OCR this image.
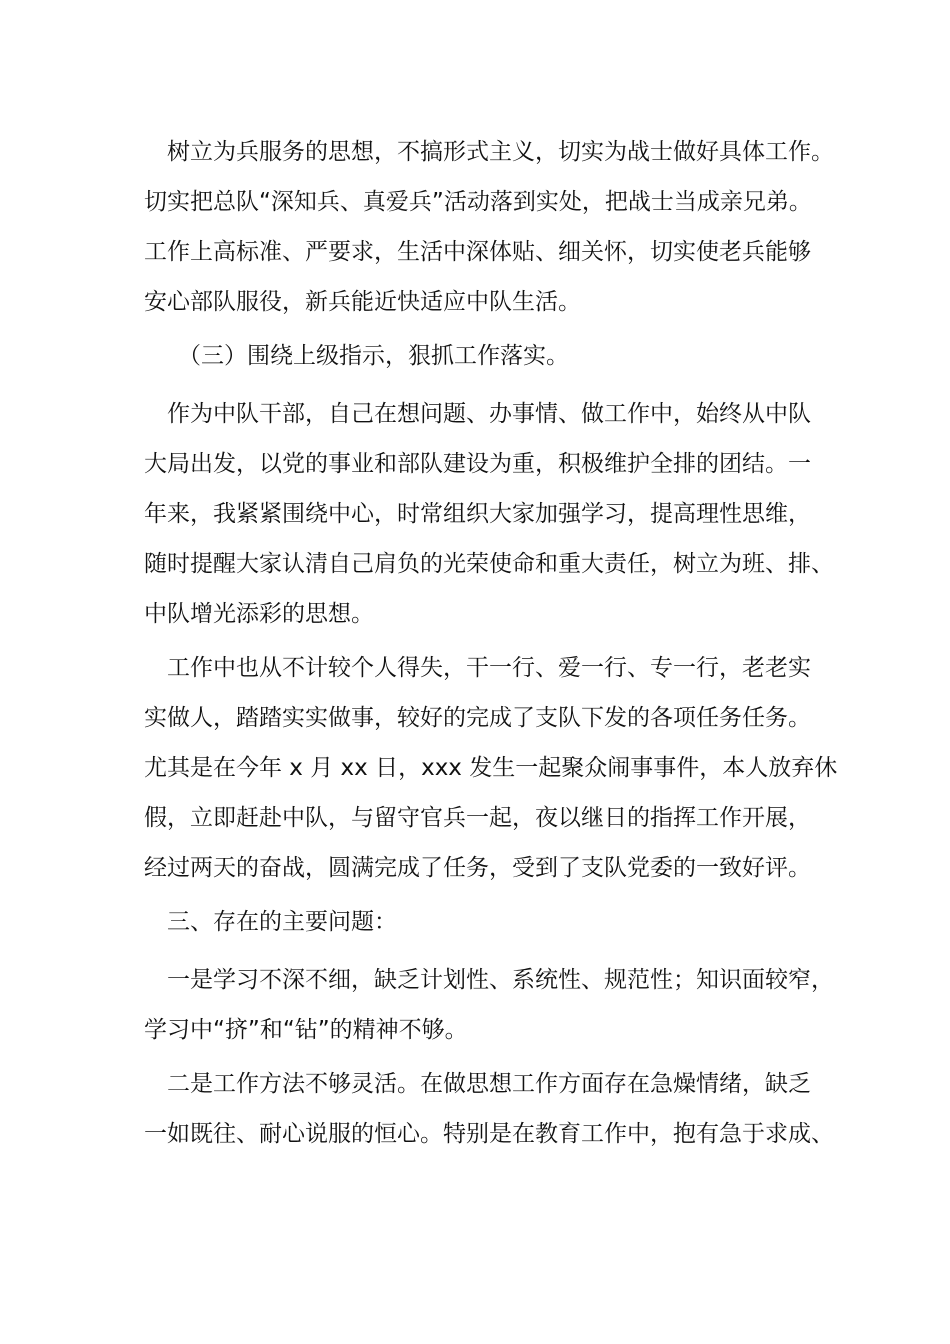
　树立为兵服务的思想，不搞形式主义，切实为战士做好具体工作。
切实把总队“深知兵、真爱兵”活动落到实处，把战士当成亲兄弟。
工作上高标准、严要求，生活中深体贴、细关怀，切实使老兵能够
安心部队服役，新兵能近快适应中队生活。
（三）围绕上级指示，狠抓工作落实。
　作为中队干部，自己在想问题、办事情、做工作中，始终从中队
大局出发，以党的事业和部队建设为重，积极维护全排的团结。一
年来，我紧紧围绕中心，时常组织大家加强学习，提高理性思维，
随时提醒大家认清自己肩负的光荣使命和重大责任，树立为班、排、
中队增光添彩的思想。
　工作中也从不计较个人得失，干一行、爱一行、专一行，老老实
实做人，踏踏实实做事，较好的完成了支队下发的各项任务任务。
尤其是在今年 x 月 xx 日，xxx 发生一起聚众闹事事件，本人放弃休
假，立即赶赴中队，与留守官兵一起，夜以继日的指挥工作开展，
经过两天的奋战，圆满完成了任务，受到了支队党委的一致好评。
　三、存在的主要问题：
　一是学习不深不细，缺乏计划性、系统性、规范性；知识面较窄，
学习中“挤”和“钻”的精神不够。
　二是工作方法不够灵活。在做思想工作方面存在急燥情绪，缺乏
一如既往、耐心说服的恒心。特别是在教育工作中，抱有急于求成、
